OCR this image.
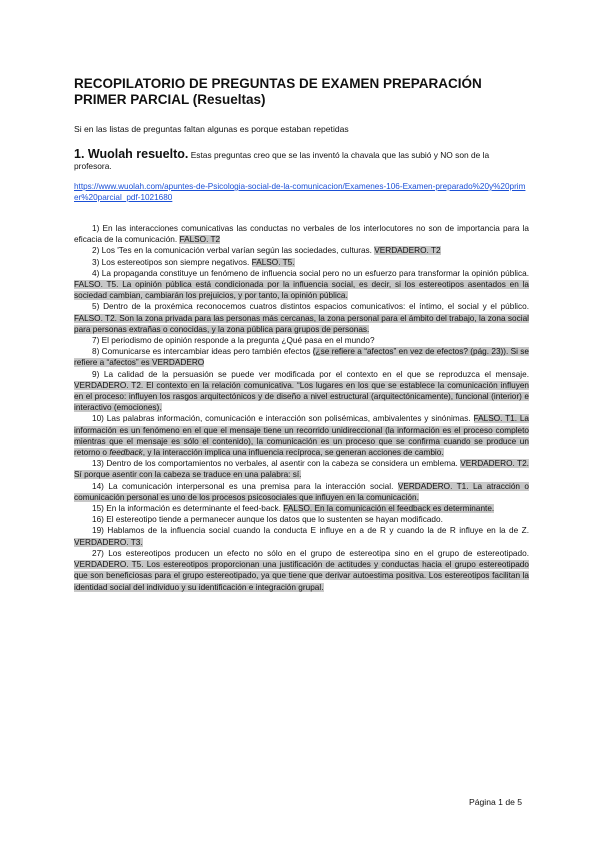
RECOPILATORIO DE PREGUNTAS DE EXAMEN PREPARACIÓN PRIMER PARCIAL (Resueltas)
Si en las listas de preguntas faltan algunas es porque estaban repetidas
1. Wuolah resuelto. Estas preguntas creo que se las inventó la chavala que las subió y NO son de la profesora.
https://www.wuolah.com/apuntes-de-Psicologia-social-de-la-comunicacion/Examenes-106-Examen-preparado%20y%20primer%20parcial_pdf-1021680

1) En las interacciones comunicativas las conductas no verbales de los interlocutores no son de importancia para la eficacia de la comunicación. FALSO. T2

2) Los 'Tes en la comunicación verbal varían según las sociedades, culturas. VERDADERO. T2

3) Los estereotipos son siempre negativos. FALSO. T5.

4) La propaganda constituye un fenómeno de influencia social pero no un esfuerzo para transformar la opinión pública. FALSO. T5. La opinión pública está condicionada por la influencia social, es decir, si los estereotipos asentados en la sociedad cambian, cambiarán los prejuicios, y por tanto, la opinión pública.

5) Dentro de la proxémica reconocemos cuatros distintos espacios comunicativos: el íntimo, el social y el público. FALSO. T2. Son la zona privada para las personas más cercanas, la zona personal para el ámbito del trabajo, la zona social para personas extrañas o conocidas, y la zona pública para grupos de personas.

7) El periodismo de opinión responde a la pregunta ¿Qué pasa en el mundo?

8) Comunicarse es intercambiar ideas pero también efectos (¿se refiere a “afectos” en vez de efectos? (pág. 23)). Si se refiere a “afectos” es VERDADERO

9) La calidad de la persuasión se puede ver modificada por el contexto en el que se reproduzca el mensaje. VERDADERO. T2. El contexto en la relación comunicativa. “Los lugares en los que se establece la comunicación influyen en el proceso: influyen los rasgos arquitectónicos y de diseño a nivel estructural (arquitectónicamente), funcional (interior) e interactivo (emociones).

10) Las palabras información, comunicación e interacción son polisémicas, ambivalentes y sinónimas. FALSO. T1. La información es un fenómeno en el que el mensaje tiene un recorrido unidireccional (la información es el proceso completo mientras que el mensaje es sólo el contenido), la comunicación es un proceso que se confirma cuando se produce un retorno o feedback, y la interacción implica una influencia recíproca, se generan acciones de cambio.

13) Dentro de los comportamientos no verbales, al asentir con la cabeza se considera un emblema. VERDADERO. T2. Sí porque asentir con la cabeza se traduce en una palabra: sí.

14) La comunicación interpersonal es una premisa para la interacción social. VERDADERO. T1. La atracción o comunicación personal es uno de los procesos psicosociales que influyen en la comunicación.

15) En la información es determinante el feed-back. FALSO. En la comunicación el feedback es determinante.

16) El estereotipo tiende a permanecer aunque los datos que lo sustenten se hayan modificado.

19) Hablamos de la influencia social cuando la conducta E influye en a de R y cuando la de R influye en la de Z. VERDADERO. T3.

27) Los estereotipos producen un efecto no sólo en el grupo de estereotipa sino en el grupo de estereotipado. VERDADERO. T5. Los estereotipos proporcionan una justificación de actitudes y conductas hacia el grupo estereotipado que son beneficiosas para el grupo estereotipado, ya que tiene que derivar autoestima positiva. Los estereotipos facilitan la identidad social del individuo y su identificación e integración grupal.

Página 1 de 5
